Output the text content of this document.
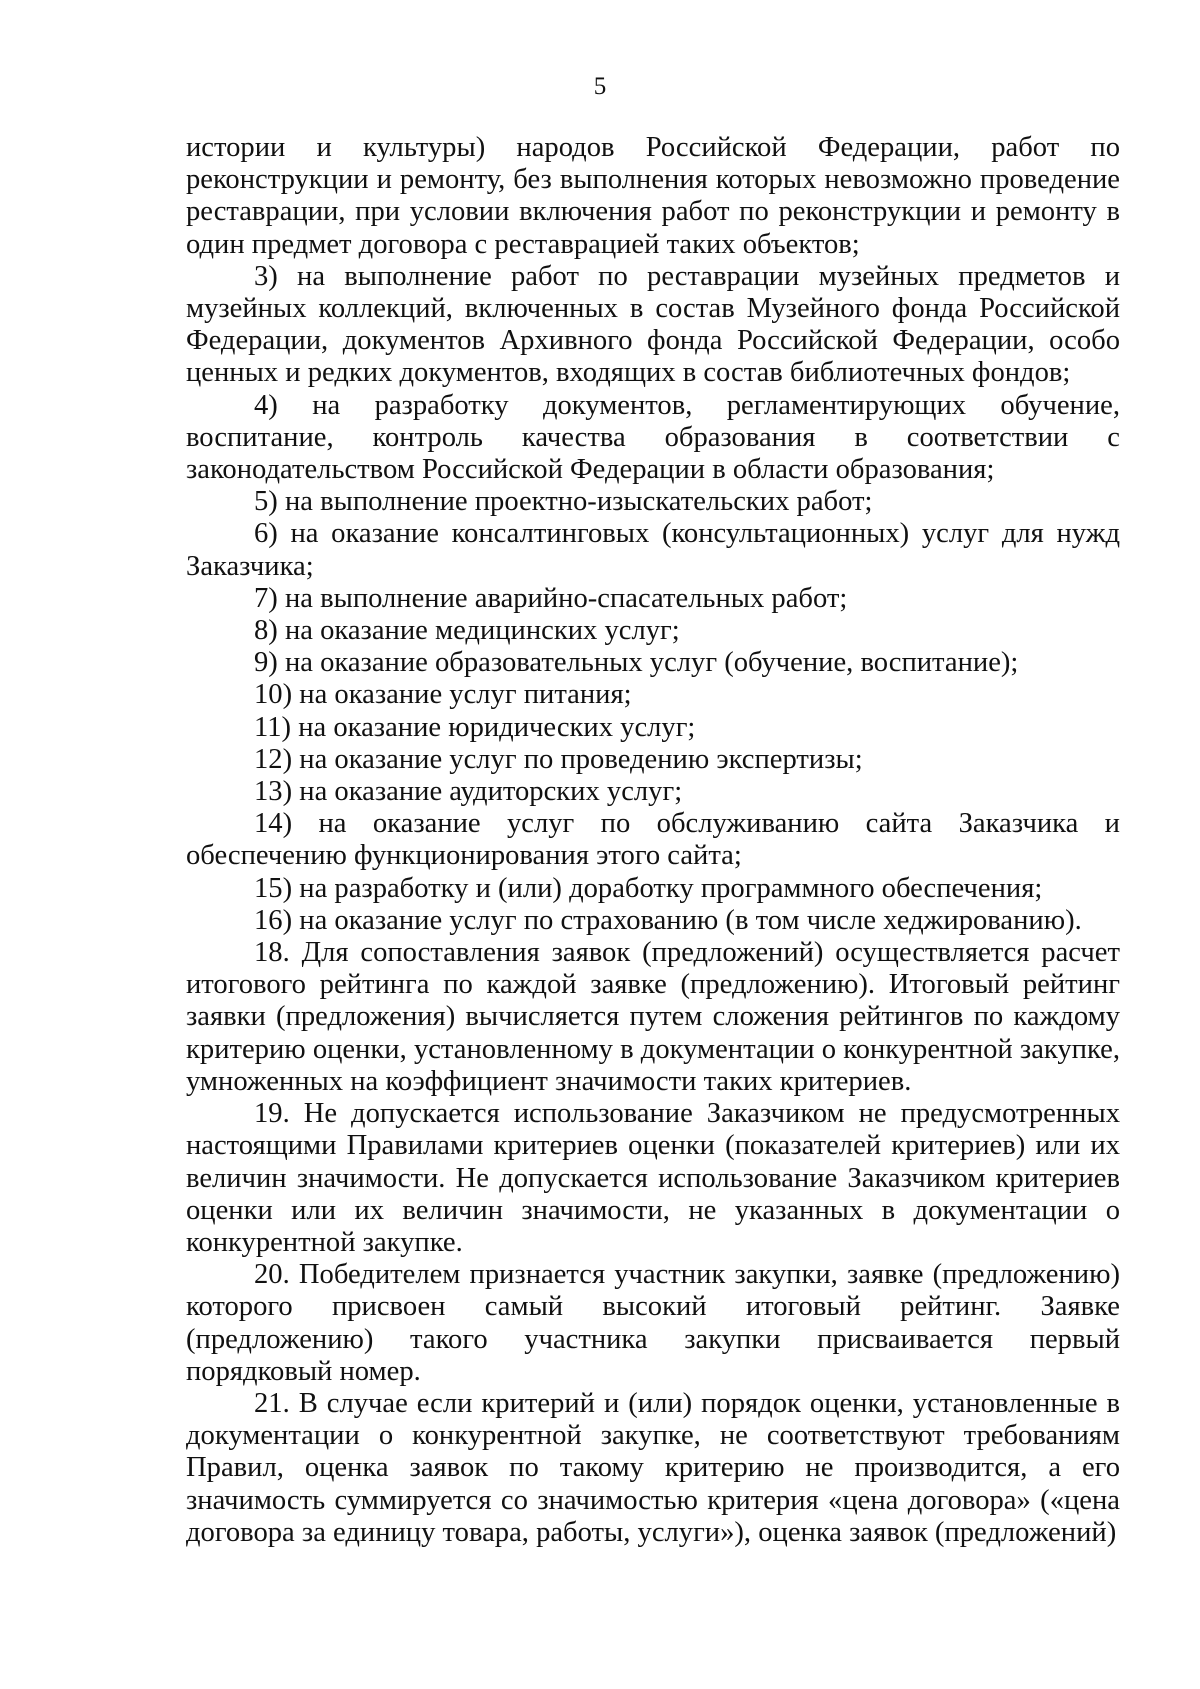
5

истории и культуры) народов Российской Федерации, работ по реконструкции и ремонту, без выполнения которых невозможно проведение реставрации, при условии включения работ по реконструкции и ремонту в один предмет договора с реставрацией таких объектов;

3) на выполнение работ по реставрации музейных предметов и музейных коллекций, включенных в состав Музейного фонда Российской Федерации, документов Архивного фонда Российской Федерации, особо ценных и редких документов, входящих в состав библиотечных фондов;

4) на разработку документов, регламентирующих обучение, воспитание, контроль качества образования в соответствии с законодательством Российской Федерации в области образования;

5) на выполнение проектно-изыскательских работ;

6) на оказание консалтинговых (консультационных) услуг для нужд Заказчика;

7) на выполнение аварийно-спасательных работ;

8) на оказание медицинских услуг;

9) на оказание образовательных услуг (обучение, воспитание);

10) на оказание услуг питания;

11) на оказание юридических услуг;

12) на оказание услуг по проведению экспертизы;

13) на оказание аудиторских услуг;

14) на оказание услуг по обслуживанию сайта Заказчика и обеспечению функционирования этого сайта;

15) на разработку и (или) доработку программного обеспечения;

16) на оказание услуг по страхованию (в том числе хеджированию).

18. Для сопоставления заявок (предложений) осуществляется расчет итогового рейтинга по каждой заявке (предложению). Итоговый рейтинг заявки (предложения) вычисляется путем сложения рейтингов по каждому критерию оценки, установленному в документации о конкурентной закупке, умноженных на коэффициент значимости таких критериев.

19. Не допускается использование Заказчиком не предусмотренных настоящими Правилами критериев оценки (показателей критериев) или их величин значимости. Не допускается использование Заказчиком критериев оценки или их величин значимости, не указанных в документации о конкурентной закупке.

20. Победителем признается участник закупки, заявке (предложению) которого присвоен самый высокий итоговый рейтинг. Заявке (предложению) такого участника закупки присваивается первый порядковый номер.

21. В случае если критерий и (или) порядок оценки, установленные в документации о конкурентной закупке, не соответствуют требованиям Правил, оценка заявок по такому критерию не производится, а его значимость суммируется со значимостью критерия «цена договора» («цена договора за единицу товара, работы, услуги»), оценка заявок (предложений)
